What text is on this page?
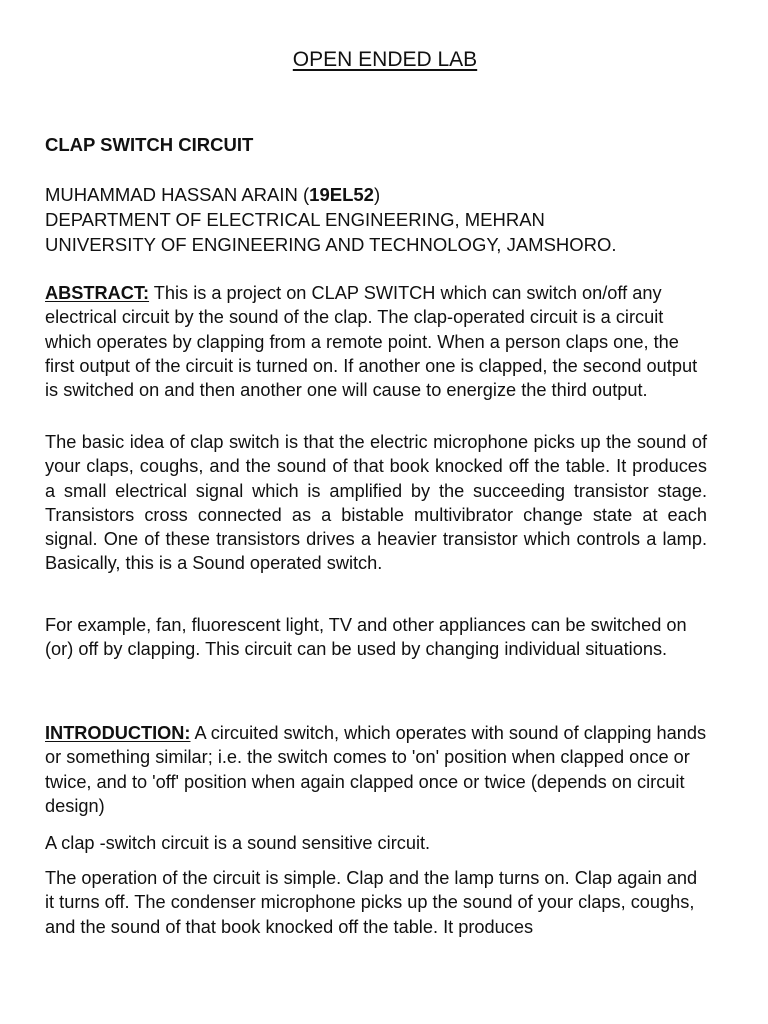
OPEN ENDED LAB
CLAP SWITCH CIRCUIT
MUHAMMAD HASSAN ARAIN (19EL52)
DEPARTMENT OF ELECTRICAL ENGINEERING, MEHRAN
UNIVERSITY OF ENGINEERING AND TECHNOLOGY, JAMSHORO.

ABSTRACT: This is a project on CLAP SWITCH which can switch on/off any electrical circuit by the sound of the clap. The clap-operated circuit is a circuit which operates by clapping from a remote point. When a person claps one, the first output of the circuit is turned on. If another one is clapped, the second output is switched on and then another one will cause to energize the third output.

The basic idea of clap switch is that the electric microphone picks up the sound of your claps, coughs, and the sound of that book knocked off the table. It produces a small electrical signal which is amplified by the succeeding transistor stage. Transistors cross connected as a bistable multivibrator change state at each signal. One of these transistors drives a heavier transistor which controls a lamp. Basically, this is a Sound operated switch.

For example, fan, fluorescent light, TV and other appliances can be switched on (or) off by clapping. This circuit can be used by changing individual situations.

INTRODUCTION: A circuited switch, which operates with sound of clapping hands or something similar; i.e. the switch comes to 'on' position when clapped once or twice, and to 'off' position when again clapped once or twice (depends on circuit design)

A clap -switch circuit is a sound sensitive circuit.

The operation of the circuit is simple. Clap and the lamp turns on. Clap again and it turns off. The condenser microphone picks up the sound of your claps, coughs, and the sound of that book knocked off the table. It produces
